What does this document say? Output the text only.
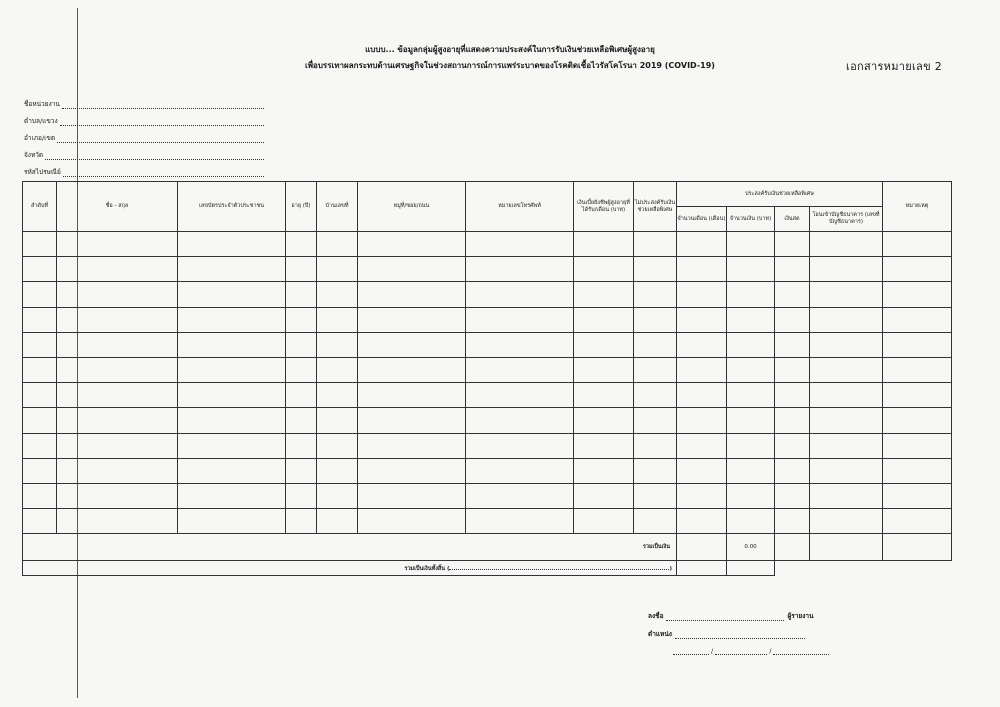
เอกสารหมายเลข 2
แบบบ... ข้อมูลกลุ่มผู้สูงอายุที่แสดงความประสงค์ในการรับเงินช่วยเหลือพิเศษผู้สูงอายุ
เพื่อบรรเทาผลกระทบด้านเศรษฐกิจในช่วงสถานการณ์การแพร่ระบาดของโรคติดเชื้อไวรัสโคโรนา 2019 (COVID-19)
ชื่อหน่วยงาน
ตำบล/แขวง
อำเภอ/เขต
จังหวัด
รหัสไปรษณีย์
ลำดับที่	ชื่อ - สกุล	เลขบัตรประจำตัวประชาชน	อายุ (ปี)	บ้านเลขที่	หมู่ที่/ซอย/ถนน	หมายเลขโทรศัพท์	เงินเบี้ยยังชีพผู้สูงอายุที่ได้รับ/เดือน (บาท)	ไม่ประสงค์รับเงินช่วยเหลือพิเศษ	ประสงค์รับเงินช่วยเหลือพิเศษ				หมายเหตุ
									จำนวนเดือน (เดือน)	จำนวนเงิน (บาท)	เงินสด	โอนเข้าบัญชีธนาคาร (เลขที่บัญชีธนาคาร)	

รวมเป็นเงิน										0.00			
รวมเป็นเงินทั้งสิ้น ( )													
ลงชื่อ	ผู้รายงาน
ตำแหน่ง
/	/
